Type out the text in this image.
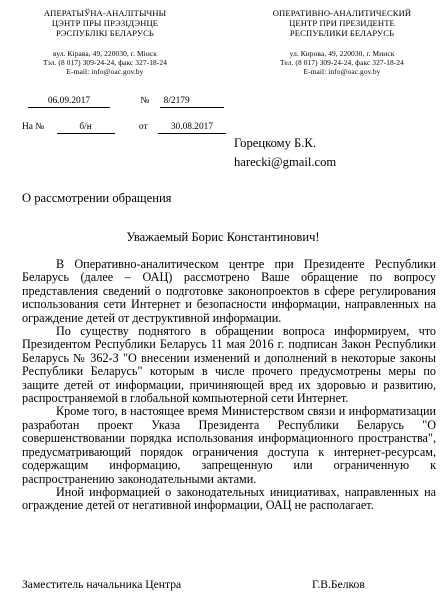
АПЕРАТЫЎНА-АНАЛІТЫЧНЫ
ЦЭНТР ПРЫ ПРЭЗІДЭНЦЕ
РЭСПУБЛІКІ БЕЛАРУСЬ
вул. Кірава, 49, 220030, г. Мінск
Тэл. (8 017) 309-24-24, факс 327-18-24
E-mail: info@oac.gov.by
ОПЕРАТИВНО-АНАЛИТИЧЕСКИЙ
ЦЕНТР ПРИ ПРЕЗИДЕНТЕ
РЕСПУБЛИКИ БЕЛАРУСЬ
ул. Кирова, 49, 220030, г. Минск
Тел. (8 017) 309-24-24, факс 327-18-24
E-mail: info@oac.gov.by
06.09.2017	№ 8/2179
На №	б/н	от 30.08.2017
Горецкому Б.К.
harecki@gmail.com
О рассмотрении обращения
Уважаемый Борис Константинович!

В Оперативно-аналитическом центре при Президенте Республики Беларусь (далее – ОАЦ) рассмотрено Ваше обращение по вопросу представления сведений о подготовке законопроектов в сфере регулирования использования сети Интернет и безопасности информации, направленных на ограждение детей от деструктивной информации.

По существу поднятого в обращении вопроса информируем, что Президентом Республики Беларусь 11 мая 2016 г. подписан Закон Республики Беларусь № 362-З "О внесении изменений и дополнений в некоторые законы Республики Беларусь" которым в числе прочего предусмотрены меры по защите детей от информации, причиняющей вред их здоровью и развитию, распространяемой в глобальной компьютерной сети Интернет.

Кроме того, в настоящее время Министерством связи и информатизации разработан проект Указа Президента Республики Беларусь "О совершенствовании порядка использования информационного пространства", предусматривающий порядок ограничения доступа к интернет-ресурсам, содержащим информацию, запрещенную или ограниченную к распространению законодательными актами.

Иной информацией о законодательных инициативах, направленных на ограждение детей от негативной информации, ОАЦ не располагает.

Заместитель начальника Центра	Г.В.Белков
